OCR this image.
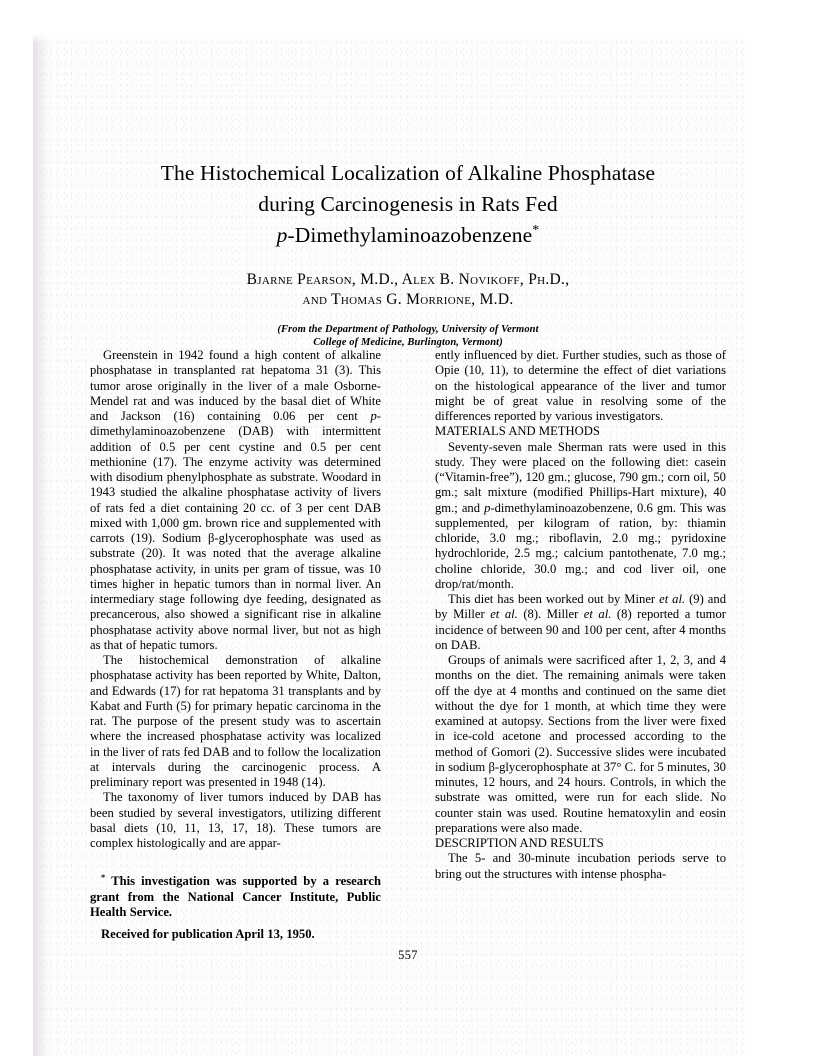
The Histochemical Localization of Alkaline Phosphatase
during Carcinogenesis in Rats Fed
p-Dimethylaminoazobenzene*
Bjarne Pearson, M.D., Alex B. Novikoff, Ph.D.,
and Thomas G. Morrione, M.D.
(From the Department of Pathology, University of Vermont
College of Medicine, Burlington, Vermont)

Greenstein in 1942 found a high content of alkaline phosphatase in transplanted rat hepatoma 31 (3). This tumor arose originally in the liver of a male Osborne-Mendel rat and was induced by the basal diet of White and Jackson (16) containing 0.06 per cent p-dimethylaminoazobenzene (DAB) with intermittent addition of 0.5 per cent cystine and 0.5 per cent methionine (17). The enzyme activity was determined with disodium phenylphosphate as substrate. Woodard in 1943 studied the alkaline phosphatase activity of livers of rats fed a diet containing 20 cc. of 3 per cent DAB mixed with 1,000 gm. brown rice and supplemented with carrots (19). Sodium β-glycerophosphate was used as substrate (20). It was noted that the average alkaline phosphatase activity, in units per gram of tissue, was 10 times higher in hepatic tumors than in normal liver. An intermediary stage following dye feeding, designated as precancerous, also showed a significant rise in alkaline phosphatase activity above normal liver, but not as high as that of hepatic tumors.

The histochemical demonstration of alkaline phosphatase activity has been reported by White, Dalton, and Edwards (17) for rat hepatoma 31 transplants and by Kabat and Furth (5) for primary hepatic carcinoma in the rat. The purpose of the present study was to ascertain where the increased phosphatase activity was localized in the liver of rats fed DAB and to follow the localization at intervals during the carcinogenic process. A preliminary report was presented in 1948 (14).

The taxonomy of liver tumors induced by DAB has been studied by several investigators, utilizing different basal diets (10, 11, 13, 17, 18). These tumors are complex histologically and are appar-

* This investigation was supported by a research grant from the National Cancer Institute, Public Health Service.

Received for publication April 13, 1950.

ently influenced by diet. Further studies, such as those of Opie (10, 11), to determine the effect of diet variations on the histological appearance of the liver and tumor might be of great value in resolving some of the differences reported by various investigators.

MATERIALS AND METHODS

Seventy-seven male Sherman rats were used in this study. They were placed on the following diet: casein (“Vitamin-free”), 120 gm.; glucose, 790 gm.; corn oil, 50 gm.; salt mixture (modified Phillips-Hart mixture), 40 gm.; and p-dimethylaminoazobenzene, 0.6 gm. This was supplemented, per kilogram of ration, by: thiamin chloride, 3.0 mg.; riboflavin, 2.0 mg.; pyridoxine hydrochloride, 2.5 mg.; calcium pantothenate, 7.0 mg.; choline chloride, 30.0 mg.; and cod liver oil, one drop/rat/month.

This diet has been worked out by Miner et al. (9) and by Miller et al. (8). Miller et al. (8) reported a tumor incidence of between 90 and 100 per cent, after 4 months on DAB.

Groups of animals were sacrificed after 1, 2, 3, and 4 months on the diet. The remaining animals were taken off the dye at 4 months and continued on the same diet without the dye for 1 month, at which time they were examined at autopsy. Sections from the liver were fixed in ice-cold acetone and processed according to the method of Gomori (2). Successive slides were incubated in sodium β-glycerophosphate at 37° C. for 5 minutes, 30 minutes, 12 hours, and 24 hours. Controls, in which the substrate was omitted, were run for each slide. No counter stain was used. Routine hematoxylin and eosin preparations were also made.

DESCRIPTION AND RESULTS

The 5- and 30-minute incubation periods serve to bring out the structures with intense phospha-

557
